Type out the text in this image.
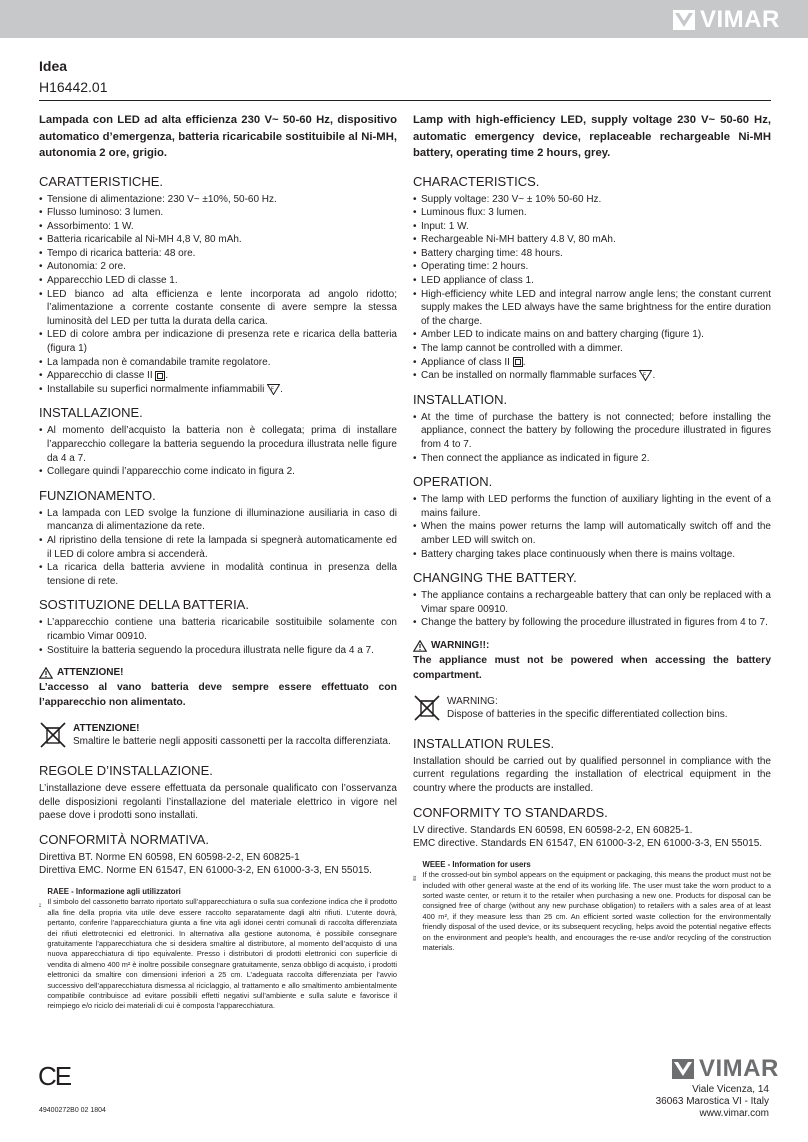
VIMAR
Idea
H16442.01
Lampada con LED ad alta efficienza 230 V~ 50-60 Hz, dispositivo automatico d’emergenza, batteria ricaricabile sostituibile al Ni-MH, autonomia 2 ore, grigio.
CARATTERISTICHE.
• Tensione di alimentazione: 230 V~ ±10%, 50-60 Hz.
• Flusso luminoso: 3 lumen.
• Assorbimento: 1 W.
• Batteria ricaricabile al Ni-MH 4,8 V, 80 mAh.
• Tempo di ricarica batteria: 48 ore.
• Autonomia: 2 ore.
• Apparecchio LED di classe 1.
• LED bianco ad alta efficienza e lente incorporata ad angolo ridotto; l’alimentazione a corrente costante consente di avere sempre la stessa luminosità del LED per tutta la durata della carica.
• LED di colore ambra per indicazione di presenza rete e ricarica della batteria (figura 1)
• La lampada non è comandabile tramite regolatore.
• Apparecchio di classe II .
• Installabile su superfici normalmente infiammabili F .
INSTALLAZIONE.
• Al momento dell’acquisto la batteria non è collegata; prima di installare l’apparecchio collegare la batteria seguendo la procedura illustrata nelle figure da 4 a 7.
• Collegare quindi l’apparecchio come indicato in figura 2.
FUNZIONAMENTO.
• La lampada con LED svolge la funzione di illuminazione ausiliaria in caso di mancanza di alimentazione da rete.
• Al ripristino della tensione di rete la lampada si spegnerà automaticamente ed il LED di colore ambra si accenderà.
• La ricarica della batteria avviene in modalità continua in presenza della tensione di rete.
SOSTITUZIONE DELLA BATTERIA.
• L’apparecchio contiene una batteria ricaricabile sostituibile solamente con ricambio Vimar 00910.
• Sostituire la batteria seguendo la procedura illustrata nelle figure da 4 a 7.
ATTENZIONE!
L’accesso al vano batteria deve sempre essere effettuato con l’apparecchio non alimentato.
ATTENZIONE!
Smaltire le batterie negli appositi cassonetti per la raccolta differenziata.
REGOLE D’INSTALLAZIONE.
L’installazione deve essere effettuata da personale qualificato con l’osservanza delle disposizioni regolanti l’installazione del materiale elettrico in vigore nel paese dove i prodotti sono installati.
CONFORMITÀ NORMATIVA.
Direttiva BT. Norme EN 60598, EN 60598-2-2, EN 60825-1
Direttiva EMC. Norme EN 61547, EN 61000-3-2, EN 61000-3-3, EN 55015.
RAEE - Informazione agli utilizzatori
Il simbolo del cassonetto barrato riportato sull’apparecchiatura o sulla sua confezione indica che il prodotto alla fine della propria vita utile deve essere raccolto separatamente dagli altri rifiuti. L’utente dovrà, pertanto, conferire l’apparecchiatura giunta a fine vita agli idonei centri comunali di raccolta differenziata dei rifiuti elettrotecnici ed elettronici. In alternativa alla gestione autonoma, è possibile consegnare gratuitamente l’apparecchiatura che si desidera smaltire al distributore, al momento dell’acquisto di una nuova apparecchiatura di tipo equivalente. Presso i distributori di prodotti elettronici con superficie di vendita di almeno 400 m² è inoltre possibile consegnare gratuitamente, senza obbligo di acquisto, i prodotti elettronici da smaltire con dimensioni inferiori a 25 cm. L’adeguata raccolta differenziata per l’avvio successivo dell’apparecchiatura dismessa al riciclaggio, al trattamento e allo smaltimento ambientalmente compatibile contribuisce ad evitare possibili effetti negativi sull’ambiente e sulla salute e favorisce il reimpiego e/o riciclo dei materiali di cui è composta l’apparecchiatura.
Lamp with high-efficiency LED, supply voltage 230 V~ 50-60 Hz, automatic emergency device, replaceable rechargeable Ni-MH battery, operating time 2 hours, grey.
CHARACTERISTICS.
• Supply voltage: 230 V~ ± 10% 50-60 Hz.
• Luminous flux: 3 lumen.
• Input: 1 W.
• Rechargeable Ni-MH battery 4.8 V, 80 mAh.
• Battery charging time: 48 hours.
• Operating time: 2 hours.
• LED appliance of class 1.
• High-efficiency white LED and integral narrow angle lens; the constant current supply makes the LED always have the same brightness for the entire duration of the charge.
• Amber LED to indicate mains on and battery charging (figure 1).
• The lamp cannot be controlled with a dimmer.
• Appliance of class II .
• Can be installed on normally flammable surfaces F .
INSTALLATION.
• At the time of purchase the battery is not connected; before installing the appliance, connect the battery by following the procedure illustrated in figures from 4 to 7.
• Then connect the appliance as indicated in figure 2.
OPERATION.
• The lamp with LED performs the function of auxiliary lighting in the event of a mains failure.
• When the mains power returns the lamp will automatically switch off and the amber LED will switch on.
• Battery charging takes place continuously when there is mains voltage.
CHANGING THE BATTERY.
• The appliance contains a rechargeable battery that can only be replaced with a Vimar spare 00910.
• Change the battery by following the procedure illustrated in figures from 4 to 7.
WARNING!!:
The appliance must not be powered when accessing the battery compartment.
WARNING:
Dispose of batteries in the specific differentiated collection bins.
INSTALLATION RULES.
Installation should be carried out by qualified personnel in compliance with the current regulations regarding the installation of electrical equipment in the country where the products are installed.
CONFORMITY TO STANDARDS.
LV directive. Standards EN 60598, EN 60598-2-2, EN 60825-1.
EMC directive. Standards EN 61547, EN 61000-3-2, EN 61000-3-3, EN 55015.
WEEE - Information for users
If the crossed-out bin symbol appears on the equipment or packaging, this means the product must not be included with other general waste at the end of its working life. The user must take the worn product to a sorted waste center, or return it to the retailer when purchasing a new one. Products for disposal can be consigned free of charge (without any new purchase obligation) to retailers with a sales area of at least 400 m², if they measure less than 25 cm. An efficient sorted waste collection for the environmentally friendly disposal of the used device, or its subsequent recycling, helps avoid the potential negative effects on the environment and people’s health, and encourages the re-use and/or recycling of the construction materials.
CE	VIMAR
Viale Vicenza, 14
36063 Marostica VI - Italy
www.vimar.com
49400272B0 02 1804
